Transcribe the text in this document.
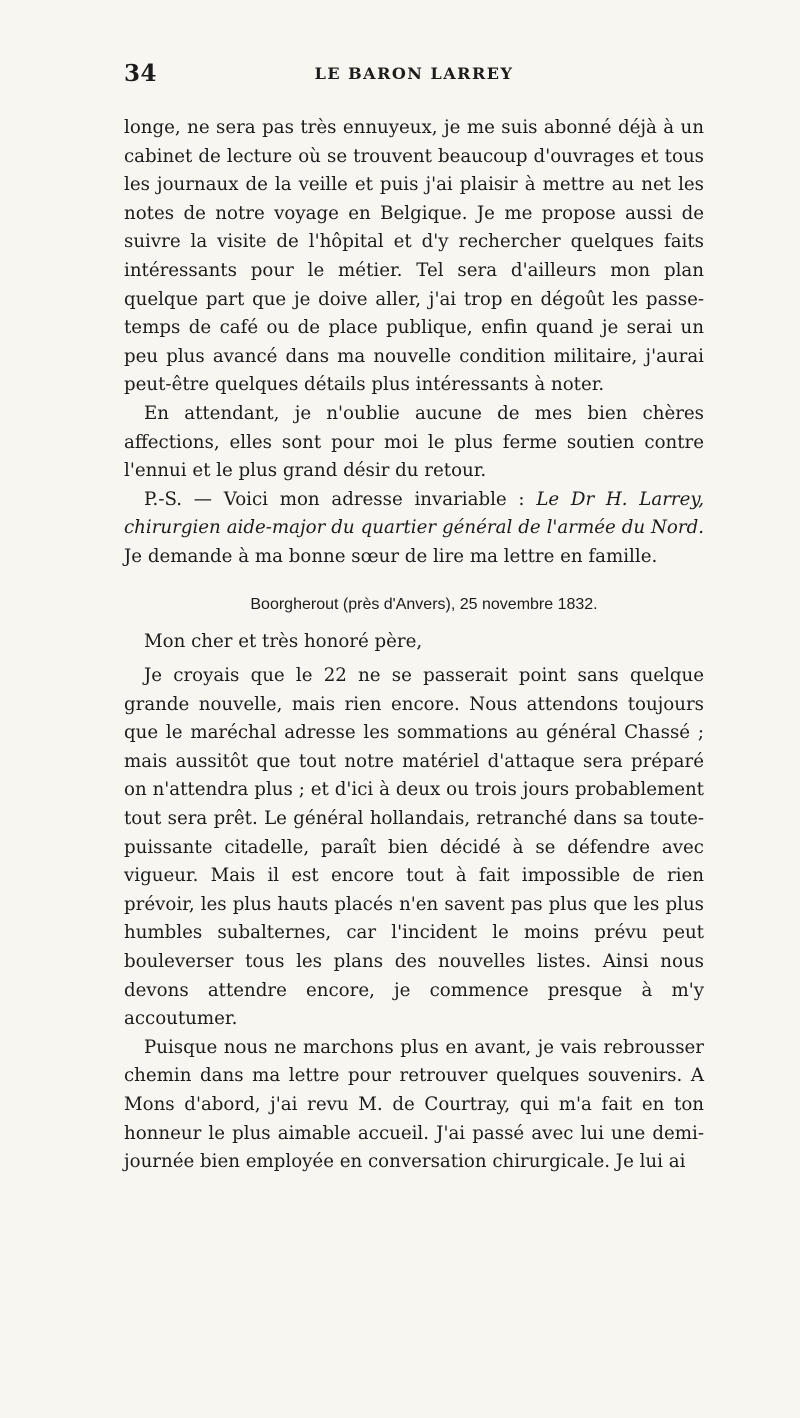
34	LE BARON LARREY

longe, ne sera pas très ennuyeux, je me suis abonné déjà à un cabinet de lecture où se trouvent beaucoup d'ouvrages et tous les journaux de la veille et puis j'ai plaisir à mettre au net les notes de notre voyage en Belgique. Je me propose aussi de suivre la visite de l'hôpital et d'y rechercher quelques faits intéressants pour le métier. Tel sera d'ailleurs mon plan quelque part que je doive aller, j'ai trop en dégoût les passe-temps de café ou de place publique, enfin quand je serai un peu plus avancé dans ma nouvelle condition militaire, j'aurai peut-être quelques détails plus intéressants à noter.

En attendant, je n'oublie aucune de mes bien chères affections, elles sont pour moi le plus ferme soutien contre l'ennui et le plus grand désir du retour.

P.-S. — Voici mon adresse invariable : Le Dr H. Larrey, chirurgien aide-major du quartier général de l'armée du Nord. Je demande à ma bonne sœur de lire ma lettre en famille.

Boorgherout (près d'Anvers), 25 novembre 1832.

Mon cher et très honoré père,

Je croyais que le 22 ne se passerait point sans quelque grande nouvelle, mais rien encore. Nous attendons toujours que le maréchal adresse les sommations au général Chassé ; mais aussitôt que tout notre matériel d'attaque sera préparé on n'attendra plus ; et d'ici à deux ou trois jours probablement tout sera prêt. Le général hollandais, retranché dans sa toute-puissante citadelle, paraît bien décidé à se défendre avec vigueur. Mais il est encore tout à fait impossible de rien prévoir, les plus hauts placés n'en savent pas plus que les plus humbles subalternes, car l'incident le moins prévu peut bouleverser tous les plans des nouvelles listes. Ainsi nous devons attendre encore, je commence presque à m'y accoutumer.

Puisque nous ne marchons plus en avant, je vais rebrousser chemin dans ma lettre pour retrouver quelques souvenirs. A Mons d'abord, j'ai revu M. de Courtray, qui m'a fait en ton honneur le plus aimable accueil. J'ai passé avec lui une demi-journée bien employée en conversation chirurgicale. Je lui ai
